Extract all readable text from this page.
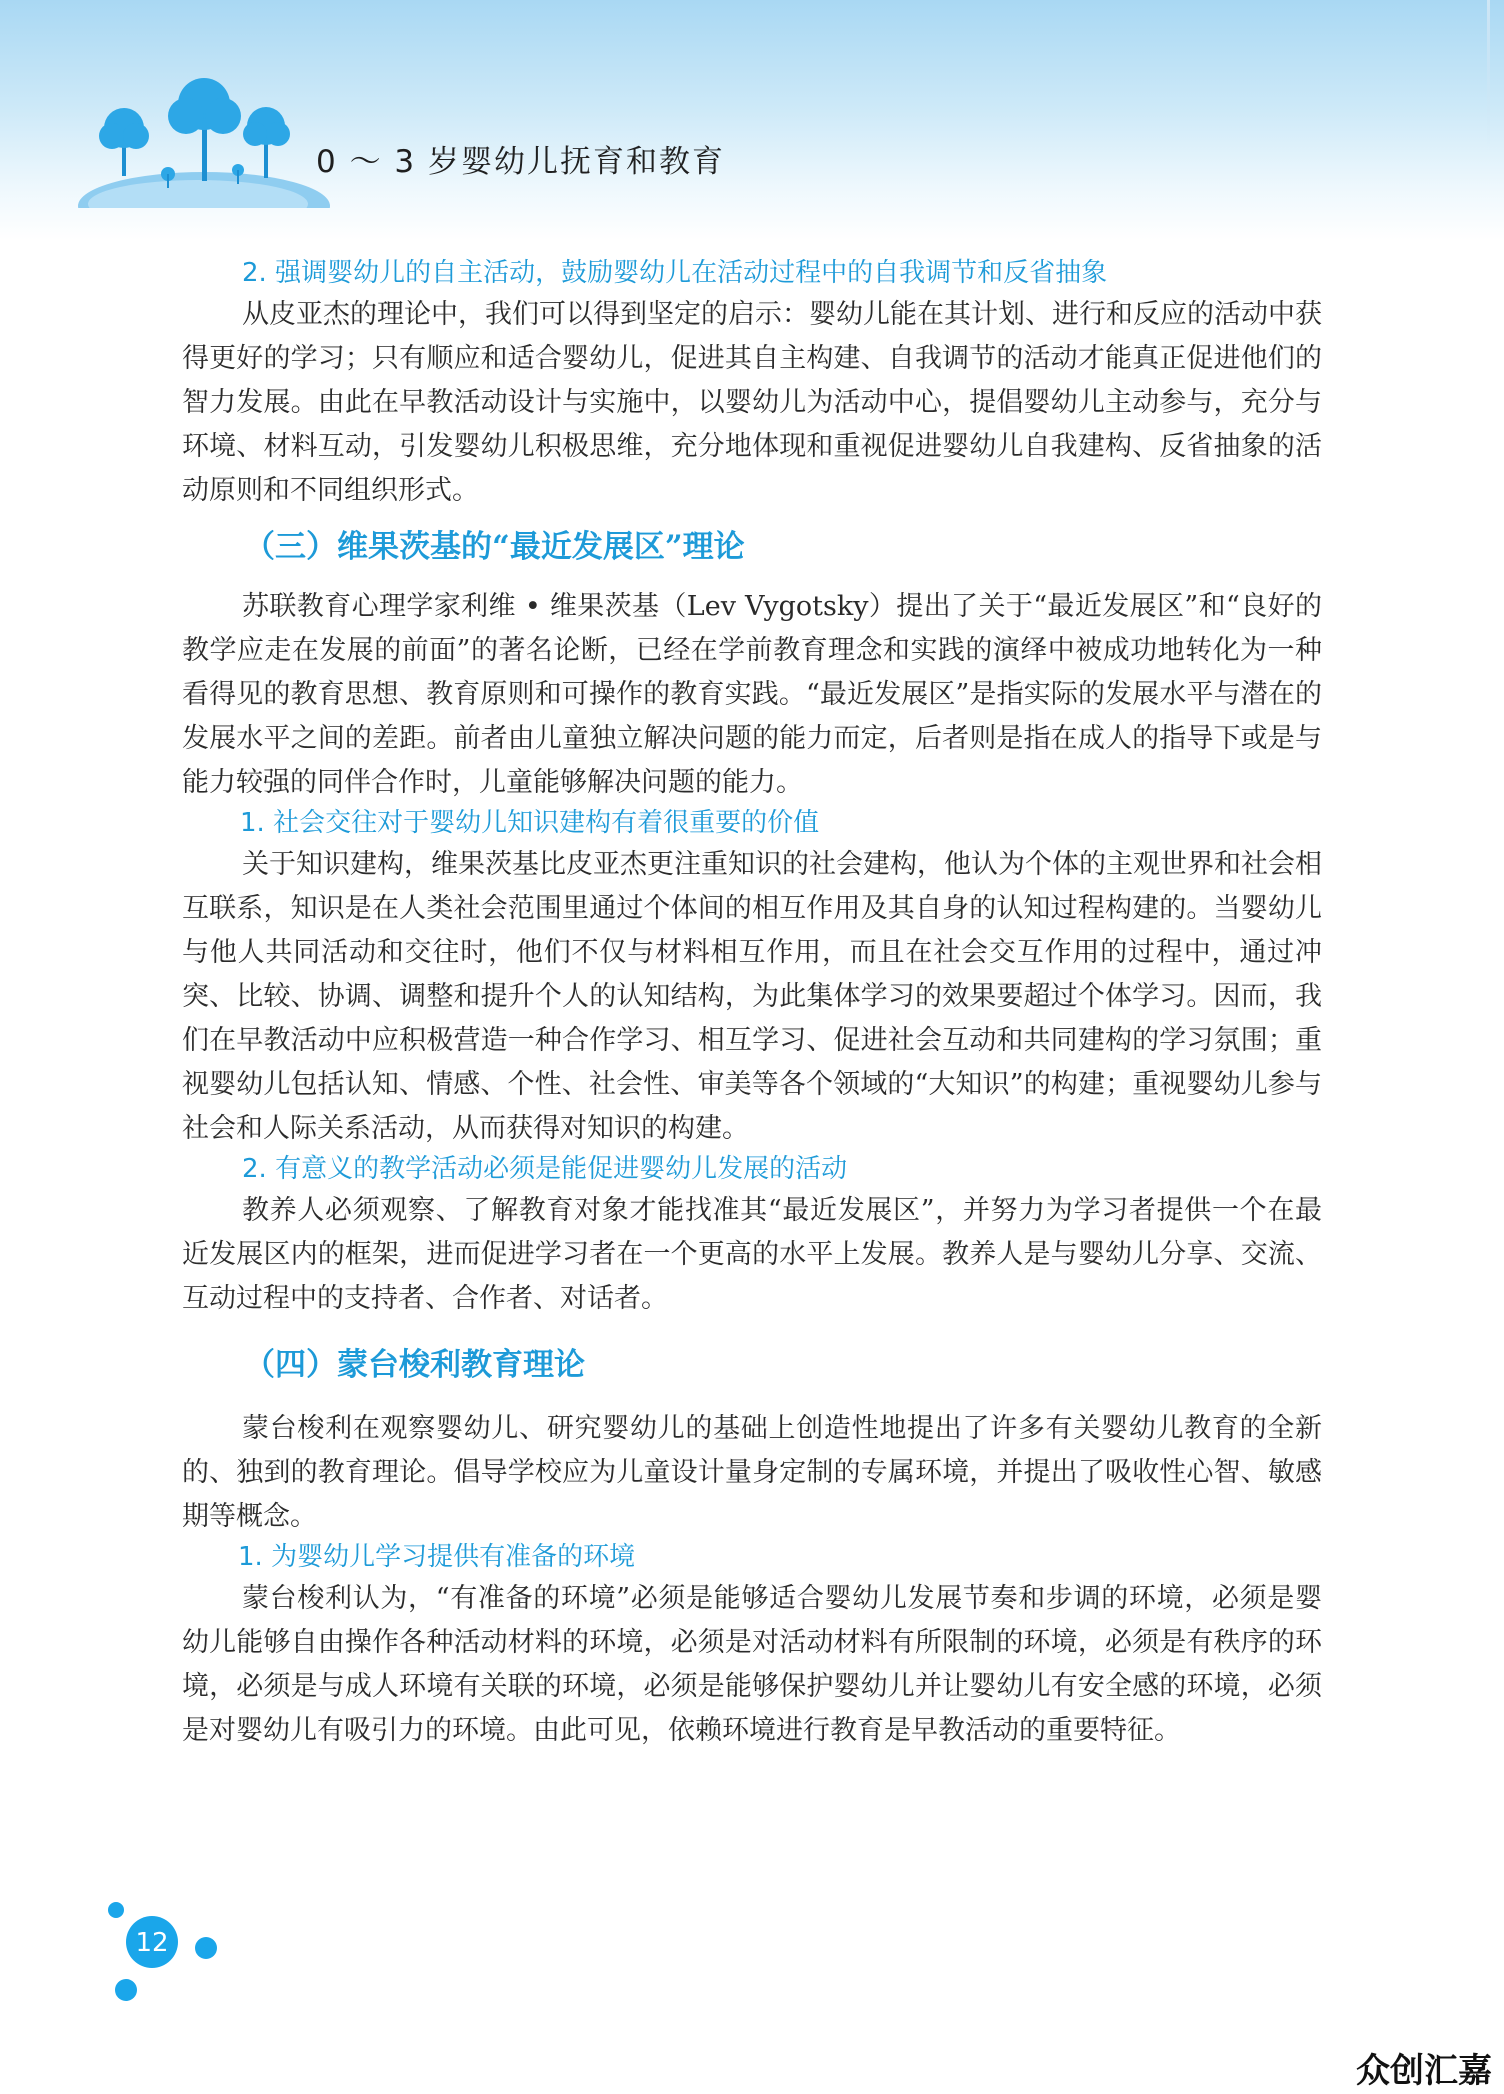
0 ～ 3 岁婴幼儿抚育和教育

2. 强调婴幼儿的自主活动，鼓励婴幼儿在活动过程中的自我调节和反省抽象

从皮亚杰的理论中，我们可以得到坚定的启示：婴幼儿能在其计划、进行和反应的活动中获得更好的学习；只有顺应和适合婴幼儿，促进其自主构建、自我调节的活动才能真正促进他们的智力发展。由此在早教活动设计与实施中，以婴幼儿为活动中心，提倡婴幼儿主动参与，充分与环境、材料互动，引发婴幼儿积极思维，充分地体现和重视促进婴幼儿自我建构、反省抽象的活动原则和不同组织形式。

（三）维果茨基的“最近发展区”理论

苏联教育心理学家利维 • 维果茨基（Lev Vygotsky）提出了关于“最近发展区”和“良好的教学应走在发展的前面”的著名论断，已经在学前教育理念和实践的演绎中被成功地转化为一种看得见的教育思想、教育原则和可操作的教育实践。“最近发展区”是指实际的发展水平与潜在的发展水平之间的差距。前者由儿童独立解决问题的能力而定，后者则是指在成人的指导下或是与能力较强的同伴合作时，儿童能够解决问题的能力。

1. 社会交往对于婴幼儿知识建构有着很重要的价值

关于知识建构，维果茨基比皮亚杰更注重知识的社会建构，他认为个体的主观世界和社会相互联系，知识是在人类社会范围里通过个体间的相互作用及其自身的认知过程构建的。当婴幼儿与他人共同活动和交往时，他们不仅与材料相互作用，而且在社会交互作用的过程中，通过冲突、比较、协调、调整和提升个人的认知结构，为此集体学习的效果要超过个体学习。因而，我们在早教活动中应积极营造一种合作学习、相互学习、促进社会互动和共同建构的学习氛围；重视婴幼儿包括认知、情感、个性、社会性、审美等各个领域的“大知识”的构建；重视婴幼儿参与社会和人际关系活动，从而获得对知识的构建。

2. 有意义的教学活动必须是能促进婴幼儿发展的活动

教养人必须观察、了解教育对象才能找准其“最近发展区”，并努力为学习者提供一个在最近发展区内的框架，进而促进学习者在一个更高的水平上发展。教养人是与婴幼儿分享、交流、互动过程中的支持者、合作者、对话者。

（四）蒙台梭利教育理论

蒙台梭利在观察婴幼儿、研究婴幼儿的基础上创造性地提出了许多有关婴幼儿教育的全新的、独到的教育理论。倡导学校应为儿童设计量身定制的专属环境，并提出了吸收性心智、敏感期等概念。

1. 为婴幼儿学习提供有准备的环境

蒙台梭利认为，“有准备的环境”必须是能够适合婴幼儿发展节奏和步调的环境，必须是婴幼儿能够自由操作各种活动材料的环境，必须是对活动材料有所限制的环境，必须是有秩序的环境，必须是与成人环境有关联的环境，必须是能够保护婴幼儿并让婴幼儿有安全感的环境，必须是对婴幼儿有吸引力的环境。由此可见，依赖环境进行教育是早教活动的重要特征。

12
众创汇嘉
